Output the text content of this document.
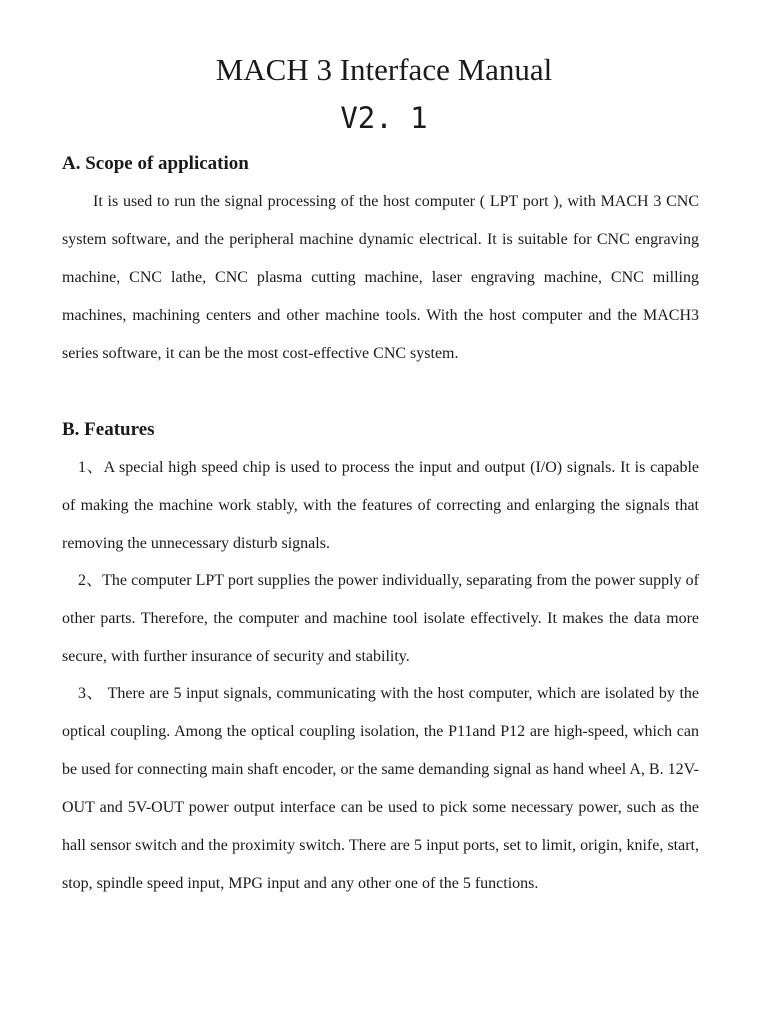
MACH 3 Interface Manual
V2. 1
A. Scope of application

It is used to run the signal processing of the host computer ( LPT port ), with MACH 3 CNC system software, and the peripheral machine dynamic electrical. It is suitable for CNC engraving machine, CNC lathe, CNC plasma cutting machine, laser engraving machine, CNC milling machines, machining centers and other machine tools. With the host computer and the MACH3 series software, it can be the most cost-effective CNC system.

B. Features

1、A special high speed chip is used to process the input and output (I/O) signals. It is capable of making the machine work stably, with the features of correcting and enlarging the signals that removing the unnecessary disturb signals.

2、The computer LPT port supplies the power individually, separating from the power supply of other parts. Therefore, the computer and machine tool isolate effectively. It makes the data more secure, with further insurance of security and stability.

3、 There are 5 input signals, communicating with the host computer, which are isolated by the optical coupling. Among the optical coupling isolation, the P11and P12 are high-speed, which can be used for connecting main shaft encoder, or the same demanding signal as hand wheel A, B. 12V-OUT and 5V-OUT power output interface can be used to pick some necessary power, such as the hall sensor switch and the proximity switch. There are 5 input ports, set to limit, origin, knife, start, stop, spindle speed input, MPG input and any other one of the 5 functions.
